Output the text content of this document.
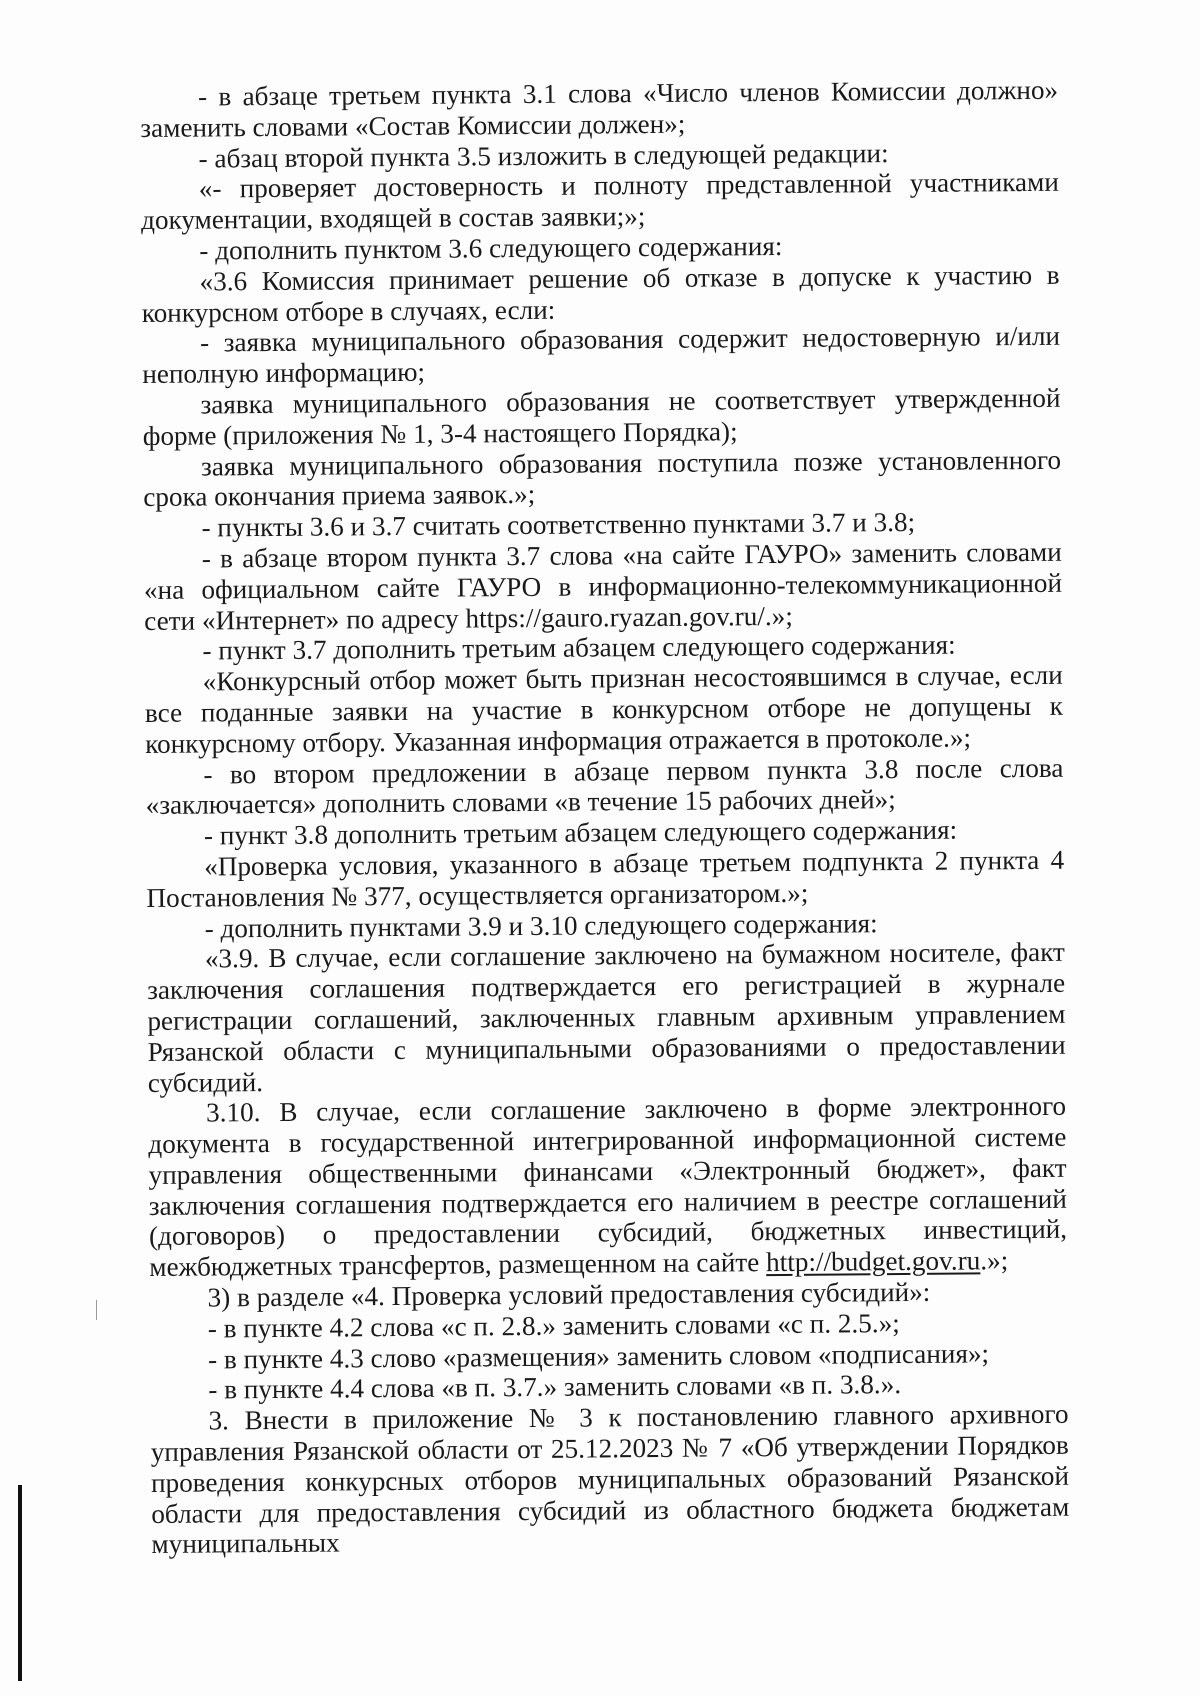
- в абзаце третьем пункта 3.1 слова «Число членов Комиссии должно» заменить словами «Состав Комиссии должен»;

- абзац второй пункта 3.5 изложить в следующей редакции:

«- проверяет достоверность и полноту представленной участниками документации, входящей в состав заявки;»;

- дополнить пунктом 3.6 следующего содержания:

«3.6 Комиссия принимает решение об отказе в допуске к участию в конкурсном отборе в случаях, если:

- заявка муниципального образования содержит недостоверную и/или неполную информацию;

заявка муниципального образования не соответствует утвержденной форме (приложения № 1, 3-4 настоящего Порядка);

заявка муниципального образования поступила позже установленного срока окончания приема заявок.»;

- пункты 3.6 и 3.7 считать соответственно пунктами 3.7 и 3.8;

- в абзаце втором пункта 3.7 слова «на сайте ГАУРО» заменить словами «на официальном сайте ГАУРО в информационно-телекоммуникационной сети «Интернет» по адресу https://gauro.ryazan.gov.ru/.»;

- пункт 3.7 дополнить третьим абзацем следующего содержания:

«Конкурсный отбор может быть признан несостоявшимся в случае, если все поданные заявки на участие в конкурсном отборе не допущены к конкурсному отбору. Указанная информация отражается в протоколе.»;

- во втором предложении в абзаце первом пункта 3.8 после слова «заключается» дополнить словами «в течение 15 рабочих дней»;

- пункт 3.8 дополнить третьим абзацем следующего содержания:

«Проверка условия, указанного в абзаце третьем подпункта 2 пункта 4 Постановления № 377, осуществляется организатором.»;

- дополнить пунктами 3.9 и 3.10 следующего содержания:

«3.9. В случае, если соглашение заключено на бумажном носителе, факт заключения соглашения подтверждается его регистрацией в журнале регистрации соглашений, заключенных главным архивным управлением Рязанской области с муниципальными образованиями о предоставлении субсидий.

3.10. В случае, если соглашение заключено в форме электронного документа в государственной интегрированной информационной системе управления общественными финансами «Электронный бюджет», факт заключения соглашения подтверждается его наличием в реестре соглашений (договоров) о предоставлении субсидий, бюджетных инвестиций, межбюджетных трансфертов, размещенном на сайте http://budget.gov.ru.»;

3) в разделе «4. Проверка условий предоставления субсидий»:

- в пункте 4.2 слова «с п. 2.8.» заменить словами «с п. 2.5.»;

- в пункте 4.3 слово «размещения» заменить словом «подписания»;

- в пункте 4.4 слова «в п. 3.7.» заменить словами «в п. 3.8.».

3. Внести в приложение № 3 к постановлению главного архивного управления Рязанской области от 25.12.2023 № 7 «Об утверждении Порядков проведения конкурсных отборов муниципальных образований Рязанской области для предоставления субсидий из областного бюджета бюджетам муниципальных
